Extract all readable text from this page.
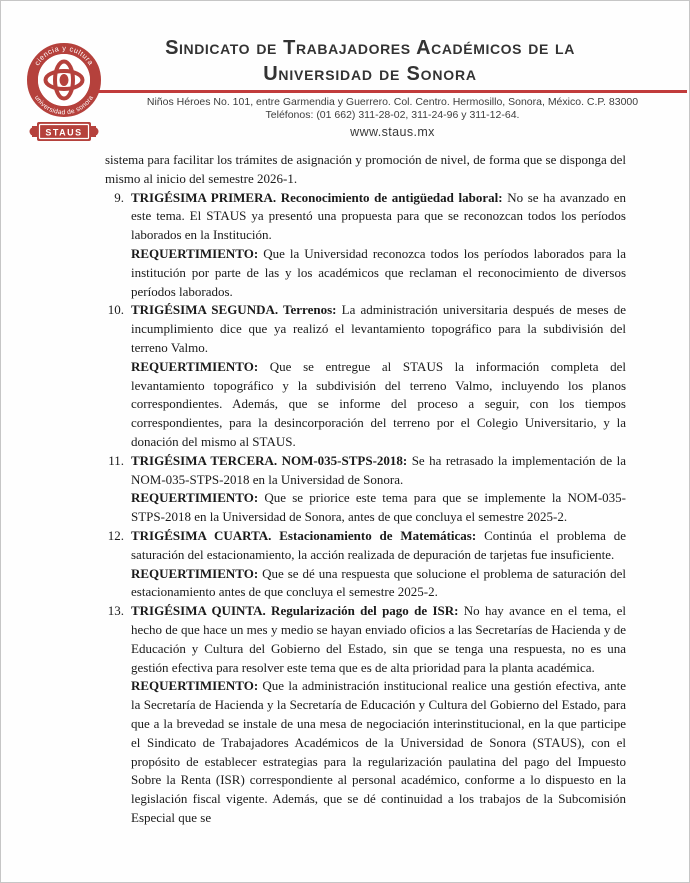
ciencia y cultura
universidad de sonora
STAUS
Sindicato de Trabajadores Académicos de la
Universidad de Sonora
Niños Héroes No. 101, entre Garmendia y Guerrero. Col. Centro. Hermosillo, Sonora, México. C.P. 83000
Teléfonos: (01 662) 311-28-02, 311-24-96 y 311-12-64.
www.staus.mx

sistema para facilitar los trámites de asignación y promoción de nivel, de forma que se disponga del mismo al inicio del semestre 2026-1.

9. TRIGÉSIMA PRIMERA. Reconocimiento de antigüedad laboral: No se ha avanzado en este tema. El STAUS ya presentó una propuesta para que se reconozcan todos los períodos laborados en la Institución.

REQUERTIMIENTO: Que la Universidad reconozca todos los períodos laborados para la institución por parte de las y los académicos que reclaman el reconocimiento de diversos períodos laborados.

10. TRIGÉSIMA SEGUNDA. Terrenos: La administración universitaria después de meses de incumplimiento dice que ya realizó el levantamiento topográfico para la subdivisión del terreno Valmo.

REQUERTIMIENTO: Que se entregue al STAUS la información completa del levantamiento topográfico y la subdivisión del terreno Valmo, incluyendo los planos correspondientes. Además, que se informe del proceso a seguir, con los tiempos correspondientes, para la desincorporación del terreno por el Colegio Universitario, y la donación del mismo al STAUS.

11. TRIGÉSIMA TERCERA. NOM-035-STPS-2018: Se ha retrasado la implementación de la NOM-035-STPS-2018 en la Universidad de Sonora.

REQUERTIMIENTO: Que se priorice este tema para que se implemente la NOM-035-STPS-2018 en la Universidad de Sonora, antes de que concluya el semestre 2025-2.

12. TRIGÉSIMA CUARTA. Estacionamiento de Matemáticas: Continúa el problema de saturación del estacionamiento, la acción realizada de depuración de tarjetas fue insuficiente.

REQUERTIMIENTO: Que se dé una respuesta que solucione el problema de saturación del estacionamiento antes de que concluya el semestre 2025-2.

13. TRIGÉSIMA QUINTA. Regularización del pago de ISR: No hay avance en el tema, el hecho de que hace un mes y medio se hayan enviado oficios a las Secretarías de Hacienda y de Educación y Cultura del Gobierno del Estado, sin que se tenga una respuesta, no es una gestión efectiva para resolver este tema que es de alta prioridad para la planta académica.

REQUERTIMIENTO: Que la administración institucional realice una gestión efectiva, ante la Secretaría de Hacienda y la Secretaría de Educación y Cultura del Gobierno del Estado, para que a la brevedad se instale de una mesa de negociación interinstitucional, en la que participe el Sindicato de Trabajadores Académicos de la Universidad de Sonora (STAUS), con el propósito de establecer estrategias para la regularización paulatina del pago del Impuesto Sobre la Renta (ISR) correspondiente al personal académico, conforme a lo dispuesto en la legislación fiscal vigente. Además, que se dé continuidad a los trabajos de la Subcomisión Especial que se
